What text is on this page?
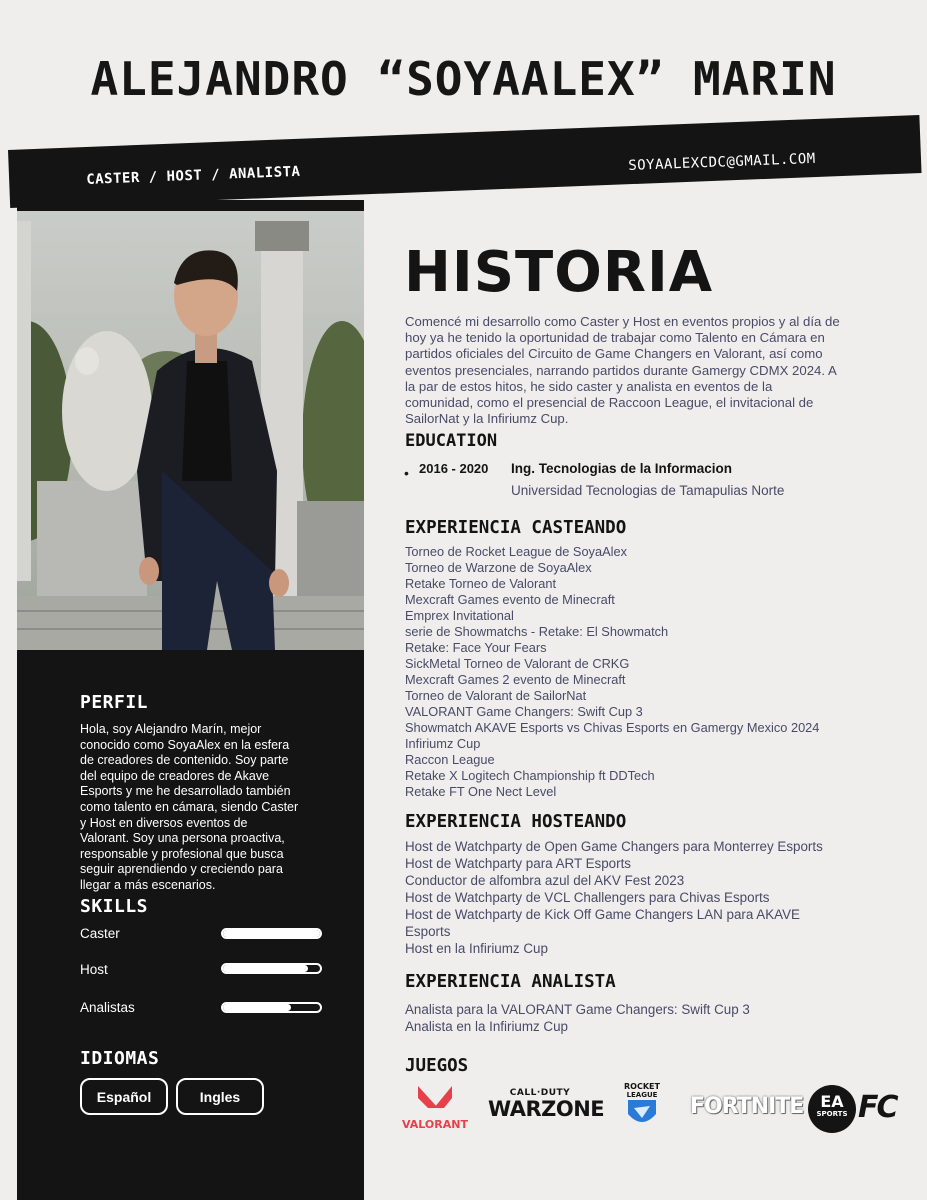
ALEJANDRO “SOYAALEX” MARIN
CASTER / HOST / ANALISTA
SOYAALEXCDC@GMAIL.COM
PERFIL
Hola, soy Alejandro Marín, mejor conocido como SoyaAlex en la esfera de creadores de contenido. Soy parte del equipo de creadores de Akave Esports y me he desarrollado también como talento en cámara, siendo Caster y Host en diversos eventos de Valorant. Soy una persona proactiva, responsable y profesional que busca seguir aprendiendo y creciendo para llegar a más escenarios.
SKILLS
Caster
Host
Analistas
IDIOMAS
Español	Ingles
HISTORIA
Comencé mi desarrollo como Caster y Host en eventos propios y al día de hoy ya he tenido la oportunidad de trabajar como Talento en Cámara en partidos oficiales del Circuito de Game Changers en Valorant, así como eventos presenciales, narrando partidos durante Gamergy CDMX 2024. A la par de estos hitos, he sido caster y analista en eventos de la comunidad, como el presencial de Raccoon League, el invitacional de SailorNat y la Infiriumz Cup.
EDUCATION
• 2016 - 2020 Ing. Tecnologias de la Informacion
Universidad Tecnologias de Tamapulias Norte
EXPERIENCIA CASTEANDO
Torneo de Rocket League de SoyaAlex
Torneo de Warzone de SoyaAlex
Retake Torneo de Valorant
Mexcraft Games evento de Minecraft
Emprex Invitational
serie de Showmatchs - Retake: El Showmatch
Retake: Face Your Fears
SickMetal Torneo de Valorant de CRKG
Mexcraft Games 2 evento de Minecraft
Torneo de Valorant de SailorNat
VALORANT Game Changers: Swift Cup 3
Showmatch AKAVE Esports vs Chivas Esports en Gamergy Mexico 2024
Infiriumz Cup
Raccon League
Retake X Logitech Championship ft DDTech
Retake FT One Nect Level
EXPERIENCIA HOSTEANDO
Host de Watchparty de Open Game Changers para Monterrey Esports
Host de Watchparty para ART Esports
Conductor de alfombra azul del AKV Fest 2023
Host de Watchparty de VCL Challengers para Chivas Esports
Host de Watchparty de Kick Off Game Changers LAN para AKAVE Esports
Host en la Infiriumz Cup
EXPERIENCIA ANALISTA
Analista para la VALORANT Game Changers: Swift Cup 3
Analista en la Infiriumz Cup
JUEGOS
VALORANT
CALL·DUTY
WARZONE
ROCKET
LEAGUE FORTNITE	EA
SPORTS FC
